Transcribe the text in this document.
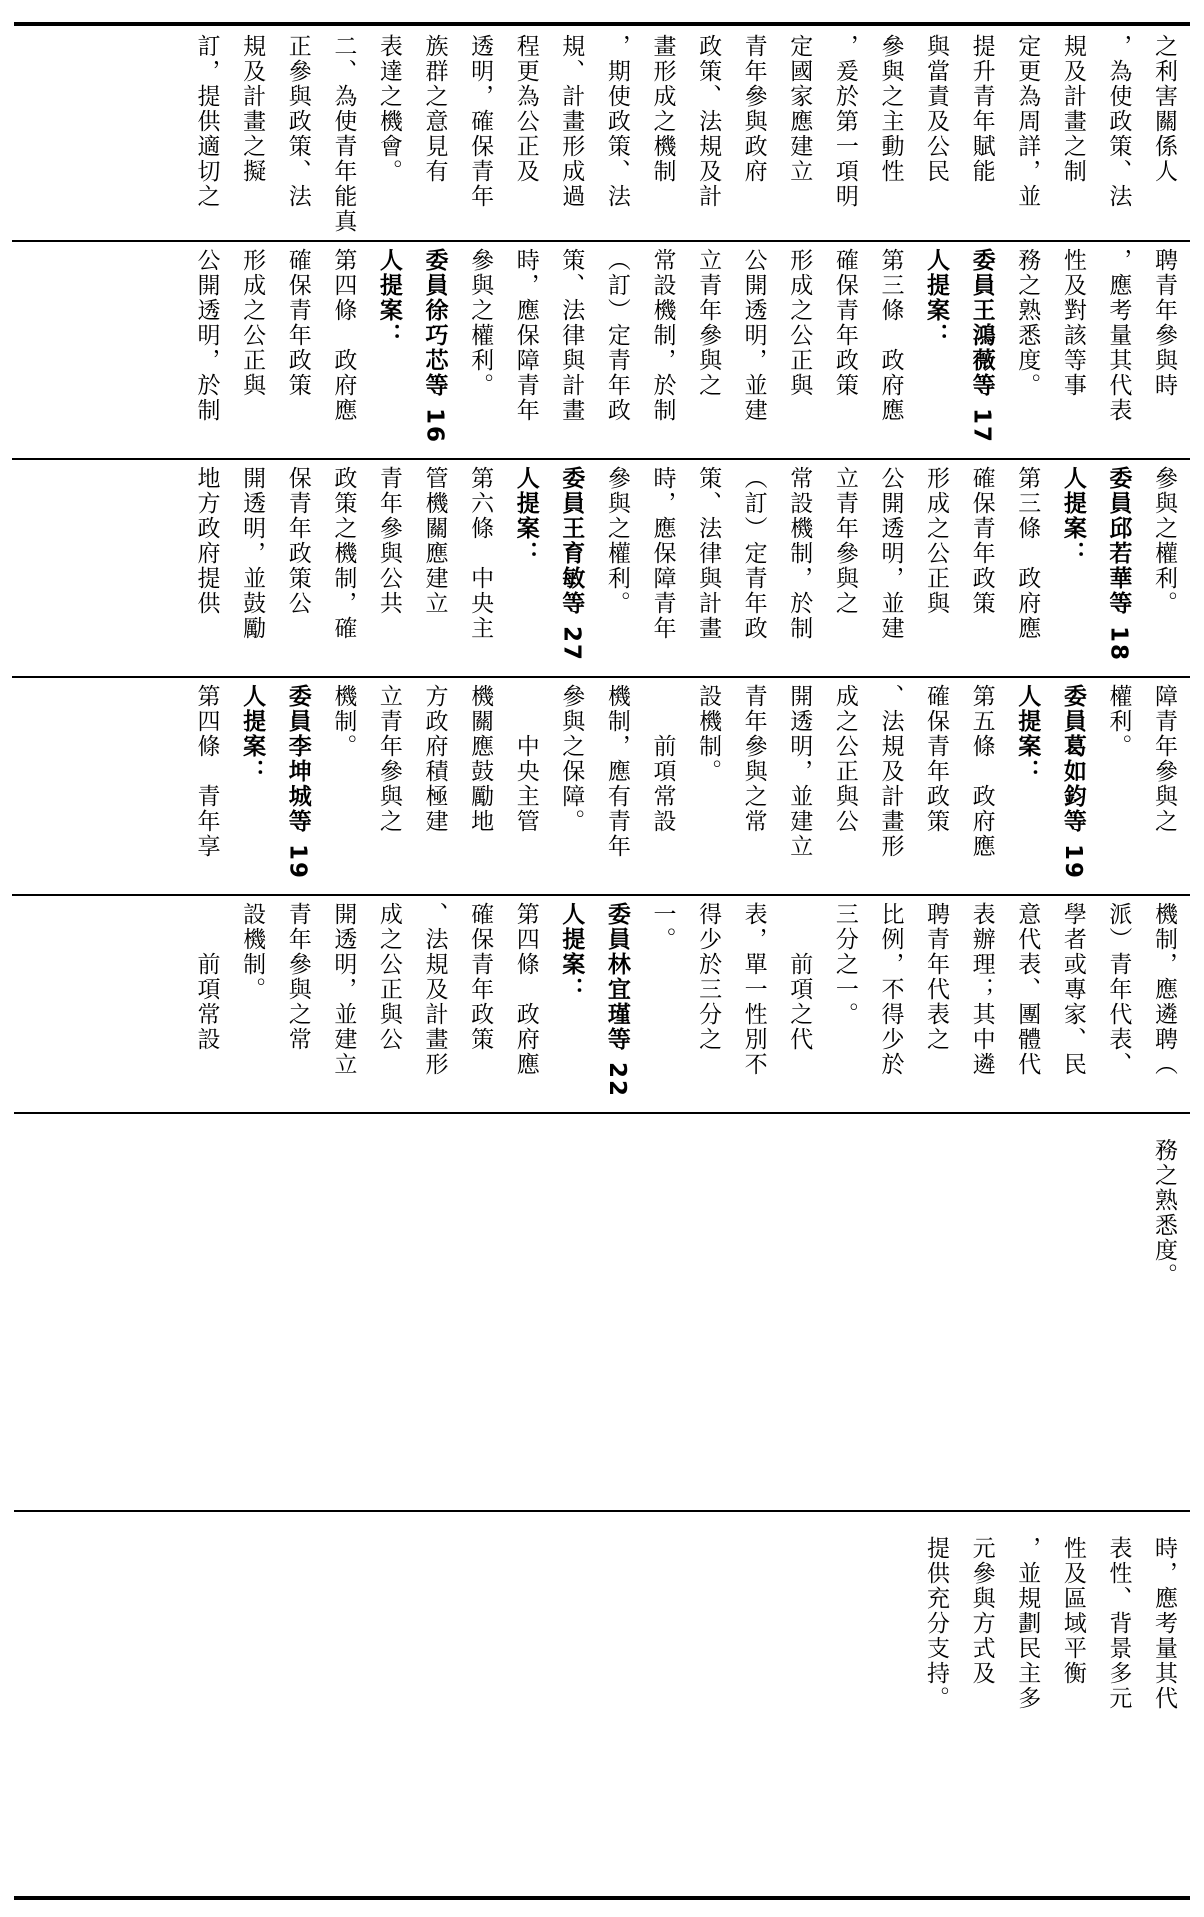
之利害關係人
，為使政策、法
規及計畫之制
定更為周詳，並
提升青年賦能
與當責及公民
參與之主動性
，爰於第一項明
定國家應建立
青年參與政府
政策、法規及計
畫形成之機制
，期使政策、法
規、計畫形成過
程更為公正及
透明，確保青年
族群之意見有
表達之機會。
二、為使青年能真
正參與政策、法
規及計畫之擬
訂，提供適切之
聘青年參與時
，應考量其代表
性及對該等事
務之熟悉度。
委員王鴻薇等 17
人提案：
第三條　政府應
確保青年政策
形成之公正與
公開透明，並建
立青年參與之
常設機制，於制
（訂）定青年政
策、法律與計畫
時，應保障青年
參與之權利。
委員徐巧芯等 16
人提案：
第四條　政府應
確保青年政策
形成之公正與
公開透明，於制
參與之權利。
委員邱若華等 18
人提案：
第三條　政府應
確保青年政策
形成之公正與
公開透明，並建
立青年參與之
常設機制，於制
（訂）定青年政
策、法律與計畫
時，應保障青年
參與之權利。
委員王育敏等 27
人提案：
第六條　中央主
管機關應建立
青年參與公共
政策之機制，確
保青年政策公
開透明，並鼓勵
地方政府提供
障青年參與之
權利。
委員葛如鈞等 19
人提案：
第五條　政府應
確保青年政策
、法規及計畫形
成之公正與公
開透明，並建立
青年參與之常
設機制。
　　前項常設
機制，應有青年
參與之保障。
　　中央主管
機關應鼓勵地
方政府積極建
立青年參與之
機制。
委員李坤城等 19
人提案：
第四條　青年享
機制，應遴聘（
派）青年代表、
學者或專家、民
意代表、團體代
表辦理；其中遴
聘青年代表之
比例，不得少於
三分之一。
　　前項之代
表，單一性別不
得少於三分之
一。
委員林宜瑾等 22
人提案：
第四條　政府應
確保青年政策
、法規及計畫形
成之公正與公
開透明，並建立
青年參與之常
設機制。
　　前項常設
務之熟悉度。
時，應考量其代
表性、背景多元
性及區域平衡
，並規劃民主多
元參與方式及
提供充分支持。
